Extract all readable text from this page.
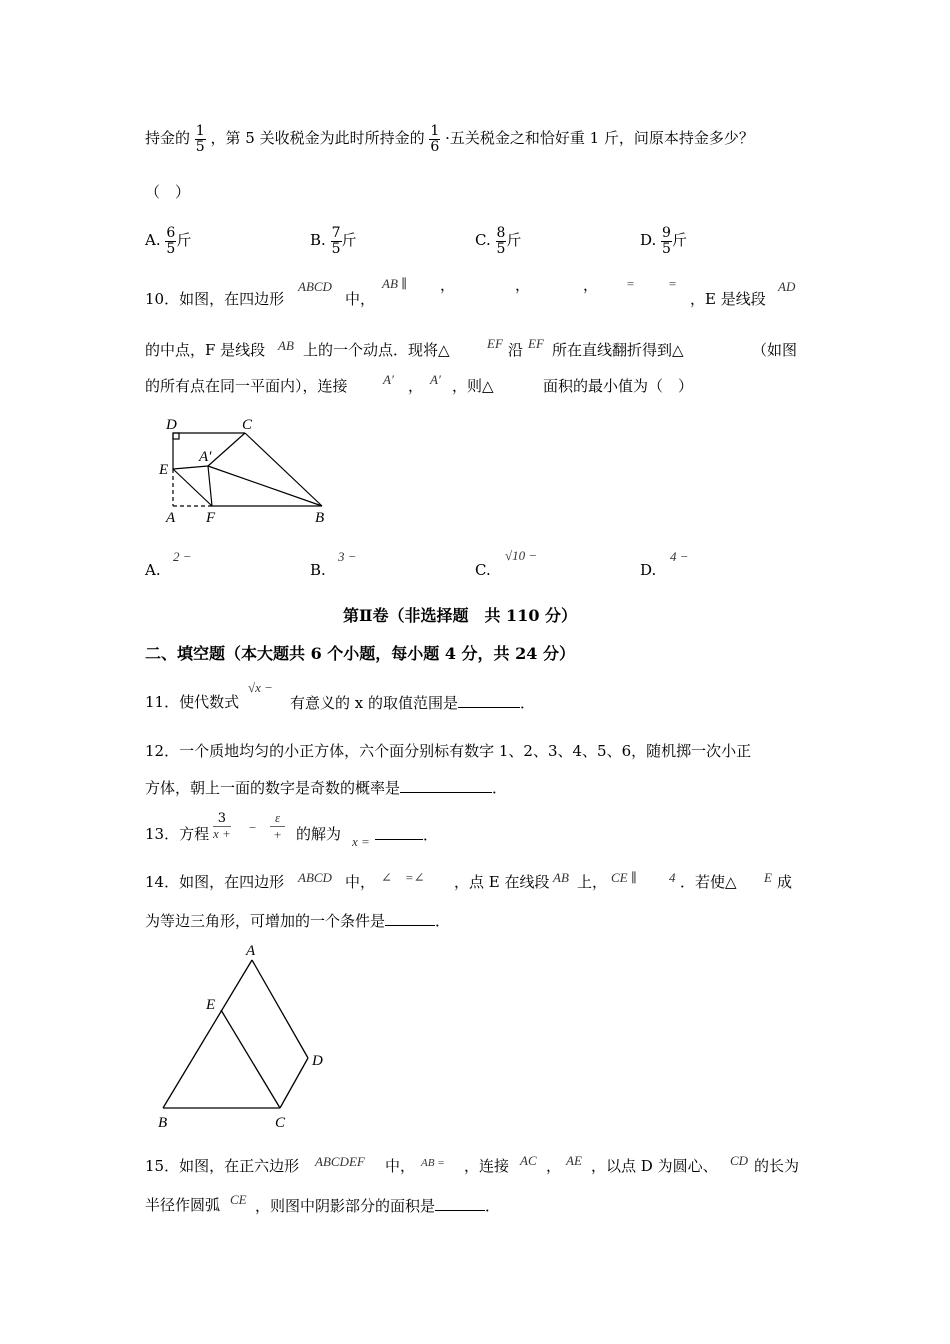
持金的 $\frac{1}{5}$ ，第 5 关收税金为此时所持金的 $\frac{1}{6}$ ·五关税金之和恰好重 1 斤，问原本持金多少？
（　）
A. $\frac{6}{5}$ 斤	B. $\frac{7}{5}$ 斤	C. $\frac{8}{5}$ 斤	D. $\frac{9}{5}$ 斤
10．如图，在四边形
ABCD
中，
AB ∥ ，	，	， =	=
，E 是线段
AD
的中点，F 是线段 AB 上的一个动点．现将△	EF 沿 EF 所在直线翻折得到△	（如图
的所有点在同一平面内），连接	A′ ， A′ ，则△	面积的最小值为（　）
D	C
A′
E
A F	B
A.
2 −
B.
3 −
C.
√10 −
D.
4 −
第Ⅱ卷（非选择题　共 110 分）
二、填空题（本大题共 6 个小题，每小题 4 分，共 24 分）
11．使代数式
√x −
有意义的 x 的取值范围是	．
12．一个质地均匀的小正方体，六个面分别标有数字 1、2、3、4、5、6，随机掷一次小正
方体，朝上一面的数字是奇数的概率是	．
13．方程 $\frac{3}{x +}$ −
ε
+ 的解为 x =	．
14．如图，在四边形 ABCD 中， ∠　=∠ ，点 E 在线段 AB 上， CE ∥ 4 ．若使△ E 成
为等边三角形，可增加的一个条件是	．
A
E
D
B	C
15．如图，在正六边形 ABCDEF 中， AB = ，连接 AC ， AE ，以点 D 为圆心、 CD 的长为
半径作圆弧 CE ，则图中阴影部分的面积是	．
